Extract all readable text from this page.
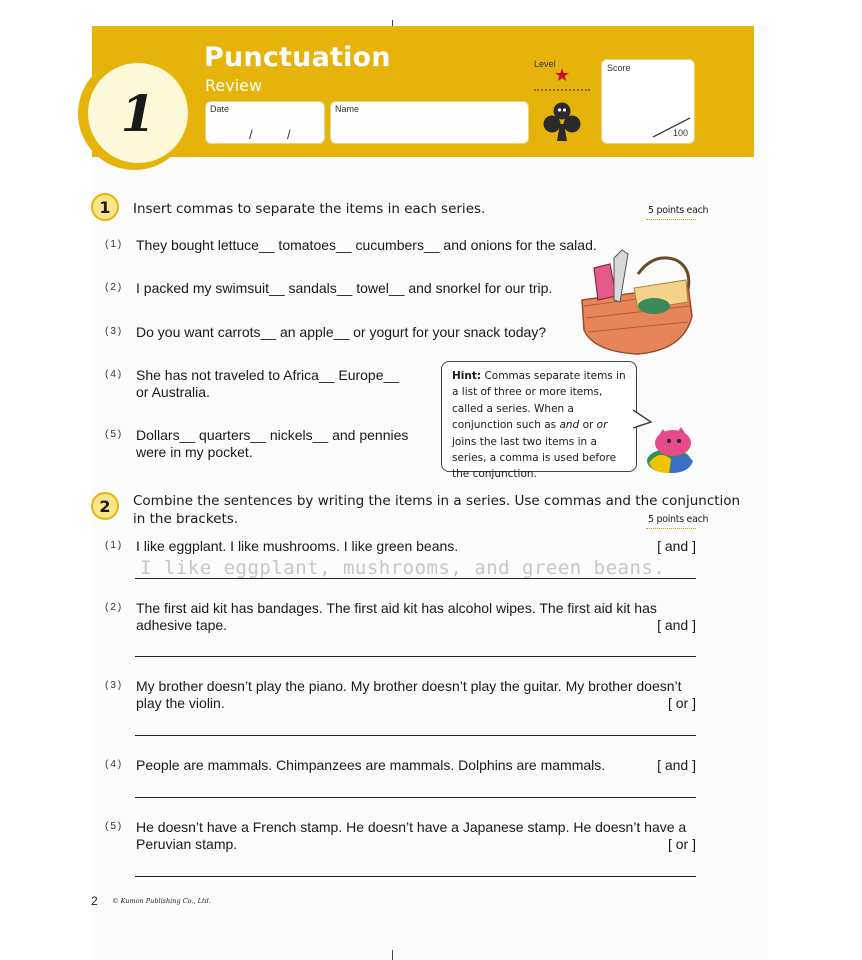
1
Punctuation
Review
Date
/	/
Name
Level
★	Score
100
1	Insert commas to separate the items in each series.	5 points each
(1) They bought lettuce__ tomatoes__ cucumbers__ and onions for the salad.
(2) I packed my swimsuit__ sandals__ towel__ and snorkel for our trip.
(3) Do you want carrots__ an apple__ or yogurt for your snack today?
(4) She has not traveled to Africa__ Europe__
or Australia.
(5) Dollars__ quarters__ nickels__ and pennies
were in my pocket.
Hint: Commas separate items in a list of three or more items, called a series. When a conjunction such as and or or joins the last two items in a series, a comma is used before the conjunction.
2	Combine the sentences by writing the items in a series. Use commas and the conjunction
in the brackets.	5 points each
(1) I like eggplant. I like mushrooms. I like green beans.	[ and ]
I like eggplant, mushrooms, and green beans.
(2) The first aid kit has bandages. The first aid kit has alcohol wipes. The first aid kit has
adhesive tape.	[ and ]
(3) My brother doesn’t play the piano. My brother doesn’t play the guitar. My brother doesn’t
play the violin.	[ or ]
(4) People are mammals. Chimpanzees are mammals. Dolphins are mammals.	[ and ]
(5) He doesn’t have a French stamp. He doesn’t have a Japanese stamp. He doesn’t have a
Peruvian stamp.	[ or ]
2 © Kumon Publishing Co., Ltd.
